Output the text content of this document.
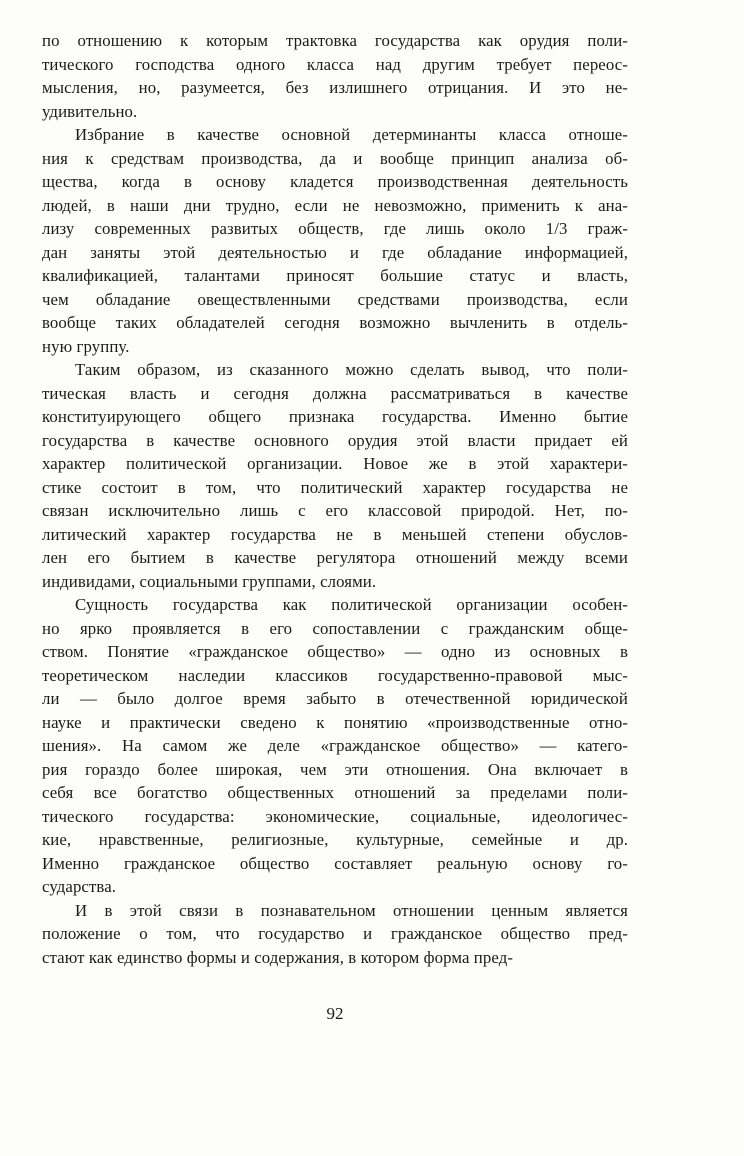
по отношению к которым трактовка государства как орудия поли-
тического господства одного класса над другим требует переос-
мысления, но, разумеется, без излишнего отрицания. И это не-
удивительно.
Избрание в качестве основной детерминанты класса отноше-
ния к средствам производства, да и вообще принцип анализа об-
щества, когда в основу кладется производственная деятельность
людей, в наши дни трудно, если не невозможно, применить к ана-
лизу современных развитых обществ, где лишь около 1/3 граж-
дан заняты этой деятельностью и где обладание информацией,
квалификацией, талантами приносят большие статус и власть,
чем обладание овеществленными средствами производства, если
вообще таких обладателей сегодня возможно вычленить в отдель-
ную группу.
Таким образом, из сказанного можно сделать вывод, что поли-
тическая власть и сегодня должна рассматриваться в качестве
конституирующего общего признака государства. Именно бытие
государства в качестве основного орудия этой власти придает ей
характер политической организации. Новое же в этой характери-
стике состоит в том, что политический характер государства не
связан исключительно лишь с его классовой природой. Нет, по-
литический характер государства не в меньшей степени обуслов-
лен его бытием в качестве регулятора отношений между всеми
индивидами, социальными группами, слоями.
Сущность государства как политической организации особен-
но ярко проявляется в его сопоставлении с гражданским обще-
ством. Понятие «гражданское общество» — одно из основных в
теоретическом наследии классиков государственно-правовой мыс-
ли — было долгое время забыто в отечественной юридической
науке и практически сведено к понятию «производственные отно-
шения». На самом же деле «гражданское общество» — катего-
рия гораздо более широкая, чем эти отношения. Она включает в
себя все богатство общественных отношений за пределами поли-
тического государства: экономические, социальные, идеологичес-
кие, нравственные, религиозные, культурные, семейные и др.
Именно гражданское общество составляет реальную основу го-
сударства.
И в этой связи в познавательном отношении ценным является
положение о том, что государство и гражданское общество пред-
стают как единство формы и содержания, в котором форма пред-
92
